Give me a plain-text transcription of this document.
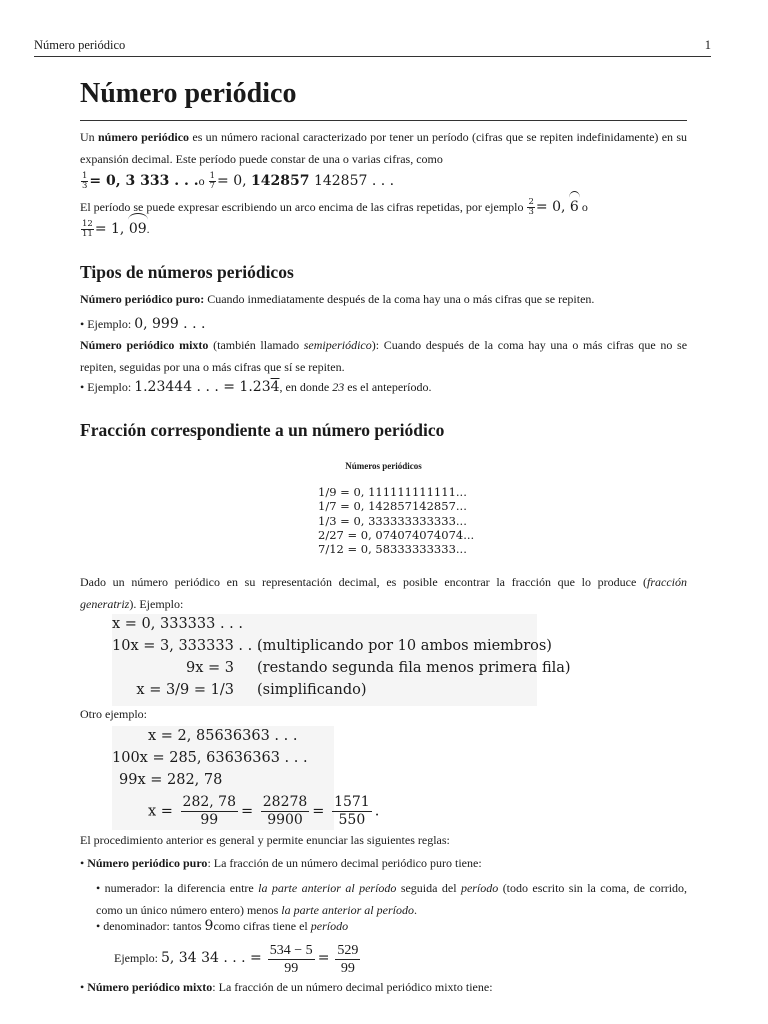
Número periódico	1
Número periódico

Un número periódico es un número racional caracterizado por tener un período (cifras que se repiten indefinidamente) en su expansión decimal. Este período puede constar de una o varias cifras, como

$\frac{1}{3} = 0$, 3 333 . . $.o \frac{1}{7} = 0$, 142857 142857 . . .

El período se puede expresar escribiendo un arco encima de las cifras repetidas, por ejemplo $\frac{2}{3} = 0$, 6 o

$\frac{12}{11} = 1$, 09.

Tipos de números periódicos

Número periódico puro: Cuando inmediatamente después de la coma hay una o más cifras que se repiten.

• Ejemplo: 0, 999 . . .

Número periódico mixto (también llamado semiperiódico): Cuando después de la coma hay una o más cifras que no se repiten, seguidas por una o más cifras que sí se repiten.

• Ejemplo: 1.23444 . . . = 1.234, en donde 23 es el anteperíodo.

Fracción correspondiente a un número periódico
Números periódicos
1/9 = 0, 111111111111...
1/7 = 0, 142857142857...
1/3 = 0, 333333333333...
2/27 = 0, 074074074074...
7/12 = 0, 58333333333...

Dado un número periódico en su representación decimal, es posible encontrar la fracción que lo produce (fracción generatriz). Ejemplo:

x = 0, 333333 . . .
10x = 3, 333333 . . .
(multiplicando por 10 ambos miembros)
9x = 3 (restando segunda fila menos primera fila)
x = 3/9 = 1/3 (simplificando)

Otro ejemplo:

x = 2, 85636363 . . .
100x = 285, 63636363 . . .
99x = 282, 78
$x = \frac{282, 78}{99} = \frac{28278}{9900} = \frac{1571}{550}$ .

El procedimiento anterior es general y permite enunciar las siguientes reglas:

• Número periódico puro: La fracción de un número decimal periódico puro tiene:

• numerador: la diferencia entre la parte anterior al período seguida del período (todo escrito sin la coma, de corrido, como un único número entero) menos la parte anterior al período.

• denominador: tantos 9como cifras tiene el período

Ejemplo: 5, 34 34 . . . = $\frac{534 - 5}{99} = \frac{529}{99}$

• Número periódico mixto: La fracción de un número decimal periódico mixto tiene:
